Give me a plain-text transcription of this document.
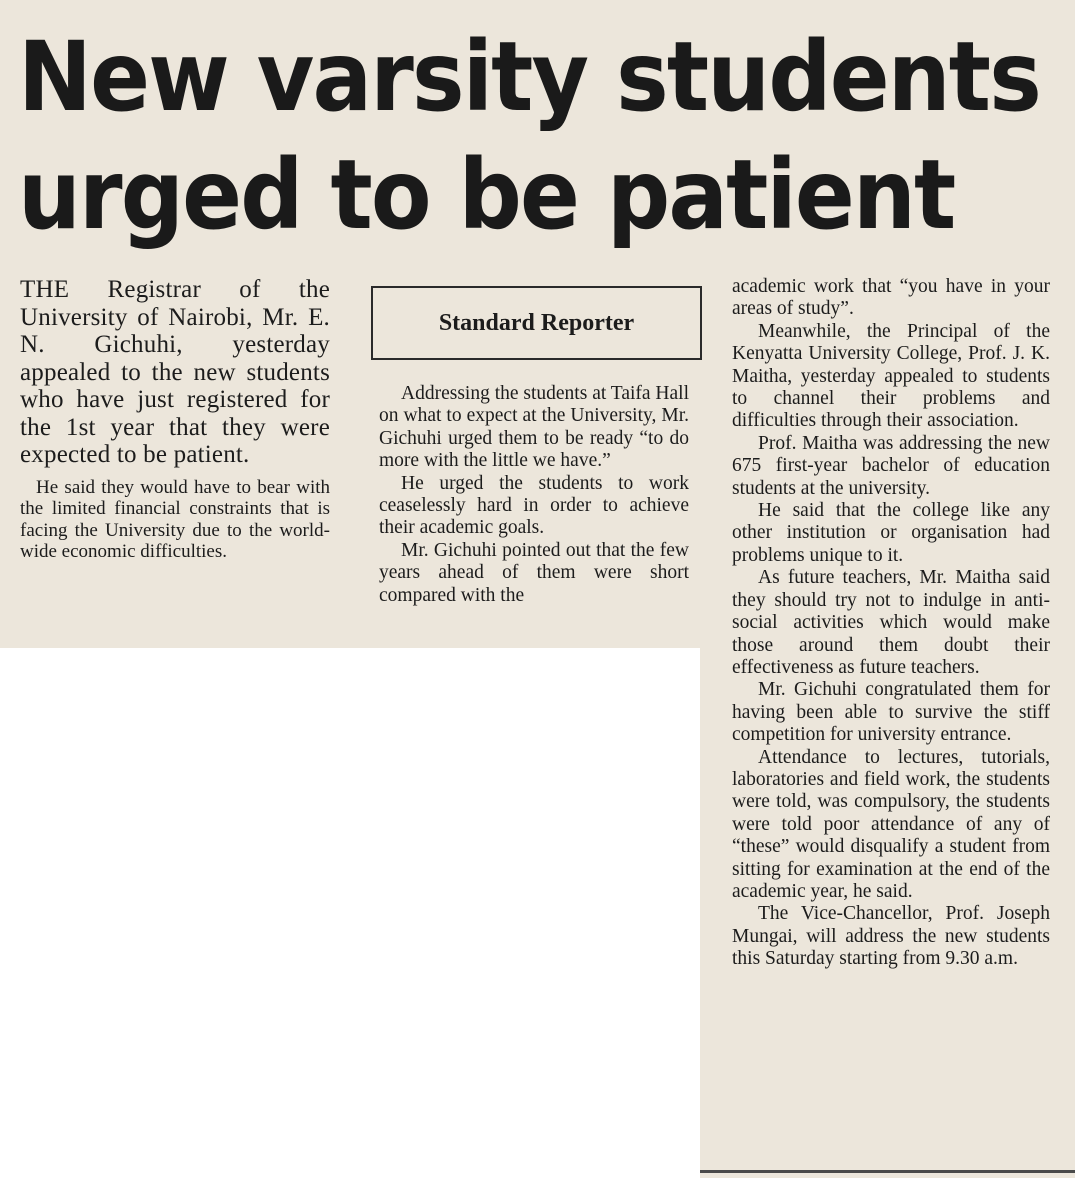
New varsity students
urged to be patient

THE Registrar of the University of Nairobi, Mr. E. N. Gichuhi, yesterday appealed to the new students who have just registered for the 1st year that they were expected to be patient.

He said they would have to bear with the limited financial constraints that is facing the University due to the world-wide economic difficulties.

Standard Reporter

Addressing the students at Taifa Hall on what to expect at the University, Mr. Gichuhi urged them to be ready “to do more with the little we have.”

He urged the students to work ceaselessly hard in order to achieve their academic goals.

Mr. Gichuhi pointed out that the few years ahead of them were short compared with the

academic work that “you have in your areas of study”.

Meanwhile, the Principal of the Kenyatta University College, Prof. J. K. Maitha, yesterday appealed to students to channel their problems and difficulties through their association.

Prof. Maitha was addressing the new 675 first-year bachelor of education students at the university.

He said that the college like any other institution or organisation had problems unique to it.

As future teachers, Mr. Maitha said they should try not to indulge in anti-social activities which would make those around them doubt their effectiveness as future teachers.

Mr. Gichuhi congratulated them for having been able to survive the stiff competition for university entrance.

Attendance to lectures, tutorials, laboratories and field work, the students were told, was compulsory, the students were told poor attendance of any of “these” would disqualify a student from sitting for examination at the end of the academic year, he said.

The Vice-Chancellor, Prof. Joseph Mungai, will address the new students this Saturday starting from 9.30 a.m.
